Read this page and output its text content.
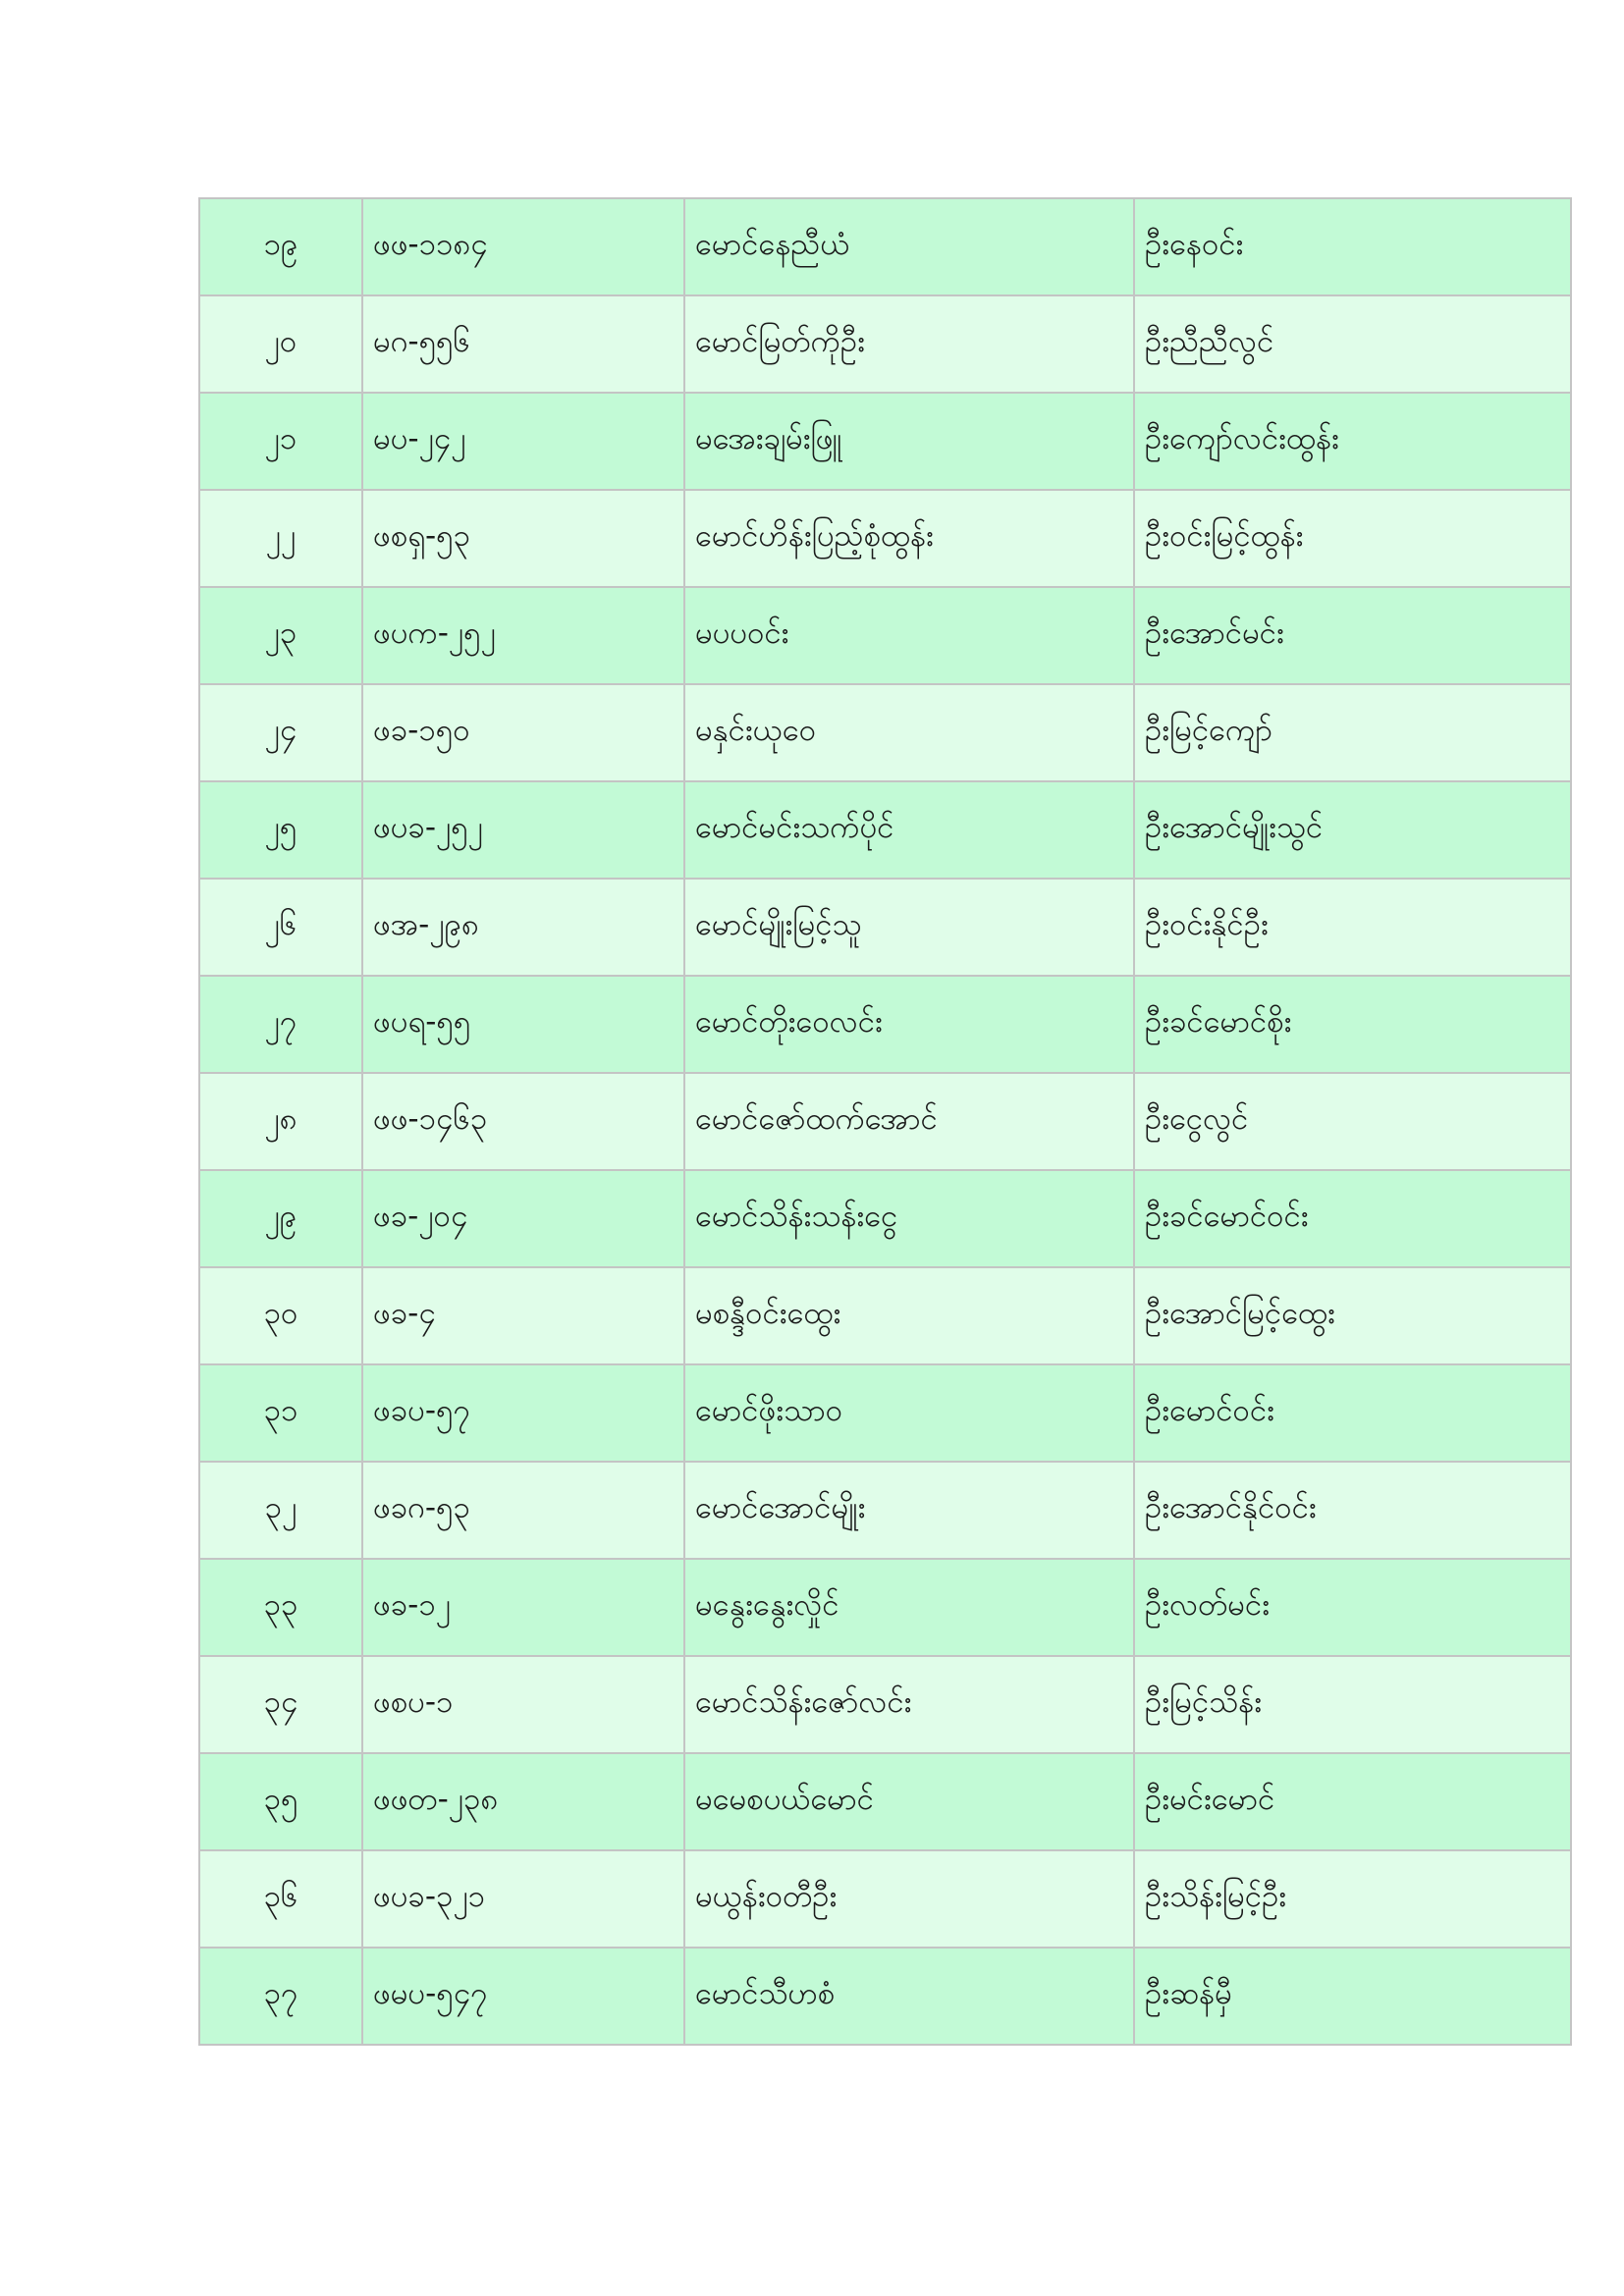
၁၉	ဖဖ-၁၁၈၄	မောင်နေညီယံ	ဦးနေဝင်း
၂၀	မဂ-၅၅၆	မောင်မြတ်ကိုဦး	ဦးညီညီလွင်
၂၁	မပ-၂၄၂	မအေးချမ်းဖြူ	ဦးကျော်လင်းထွန်း
၂၂	ဖစရှ-၅၃	မောင်ဟိန်းပြည့်စုံထွန်း	ဦးဝင်းမြင့်ထွန်း
၂၃	ဖပက-၂၅၂	မပပဝင်း	ဦးအောင်မင်း
၂၄	ဖခ-၁၅၀	မနှင်းယုဝေ	ဦးမြင့်ကျော်
၂၅	ဖပခ-၂၅၂	မောင်မင်းသက်ပိုင်	ဦးအောင်မျိုးသွင်
၂၆	ဖအ-၂၉၈	မောင်မျိုးမြင့်သူ	ဦးဝင်းနိုင်ဦး
၂၇	ဖပရ-၅၅	မောင်တိုးဝေလင်း	ဦးခင်မောင်စိုး
၂၈	ဖဖ-၁၄၆၃	မောင်ဇော်ထက်အောင်	ဦးငွေလွင်
၂၉	ဖခ-၂၀၄	မောင်သိန်းသန်းငွေ	ဦးခင်မောင်ဝင်း
၃၀	ဖခ-၄	မစန္ဒီဝင်းထွေး	ဦးအောင်မြင့်ထွေး
၃၁	ဖခပ-၅၇	မောင်ဖိုးသာဝ	ဦးမောင်ဝင်း
၃၂	ဖခဂ-၅၃	မောင်အောင်မျိုး	ဦးအောင်နိုင်ဝင်း
၃၃	ဖခ-၁၂	မနွေးနွေးလှိုင်	ဦးလတ်မင်း
၃၄	ဖစပ-၁	မောင်သိန်းဇော်လင်း	ဦးမြင့်သိန်း
၃၅	ဖဖတ-၂၃၈	မမေစပယ်မောင်	ဦးမင်းမောင်
၃၆	ဖပခ-၃၂၁	မယွန်းဝတီဦး	ဦးသိန်းမြင့်ဦး
၃၇	ဖမပ-၅၄၇	မောင်သီဟစံ	ဦးဆန်မှီ
